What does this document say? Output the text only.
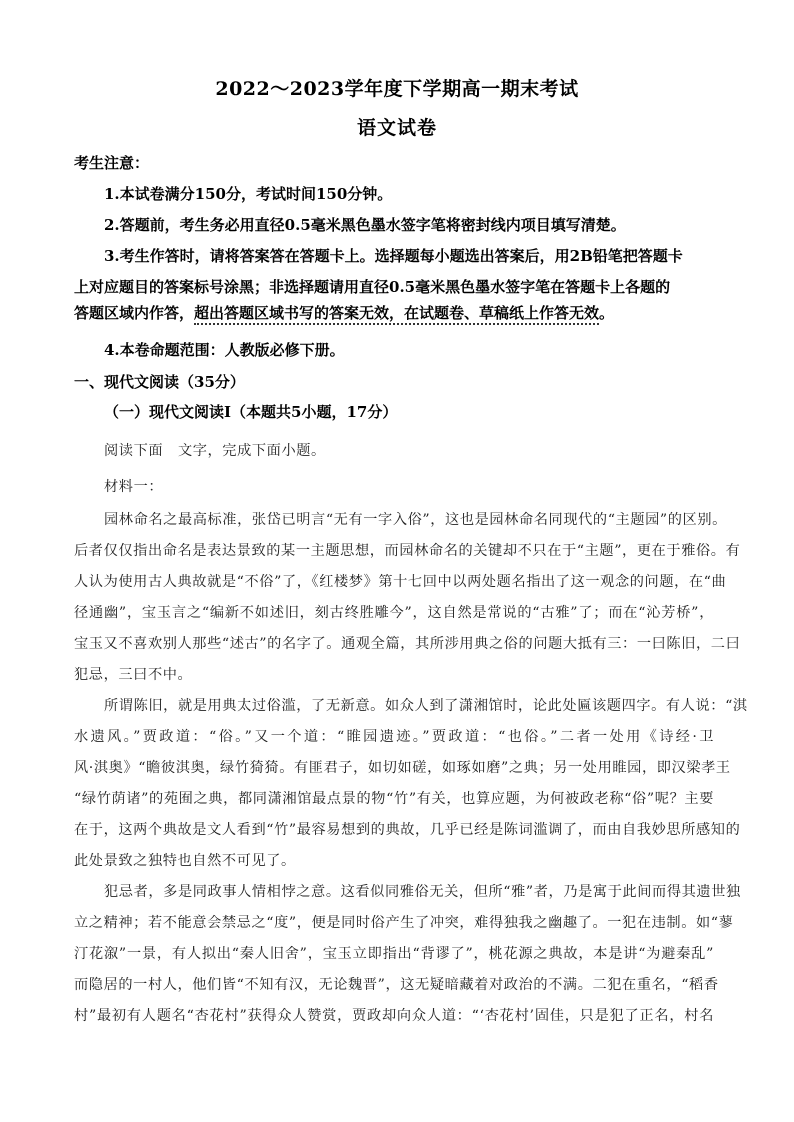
2022～2023学年度下学期高一期末考试
语文试卷
考生注意：
1.本试卷满分150分，考试时间150分钟。
2.答题前，考生务必用直径0.5毫米黑色墨水签字笔将密封线内项目填写清楚。
3.考生作答时，请将答案答在答题卡上。选择题每小题选出答案后，用2B铅笔把答题卡
上对应题目的答案标号涂黑；非选择题请用直径0.5毫米黑色墨水签字笔在答题卡上各题的
答题区域内作答，超出答题区域书写的答案无效，在试题卷、草稿纸上作答无效。
4.本卷命题范围：人教版必修下册。
一、现代文阅读（35分）
（一）现代文阅读Ⅰ（本题共5小题，17分）
阅读下面　文字，完成下面小题。
材料一：
园林命名之最高标准，张岱已明言“无有一字入俗”，这也是园林命名同现代的“主题园”的区别。
后者仅仅指出命名是表达景致的某一主题思想，而园林命名的关键却不只在于“主题”，更在于雅俗。有
人认为使用古人典故就是“不俗”了，《红楼梦》第十七回中以两处题名指出了这一观念的问题，在“曲
径通幽”，宝玉言之“编新不如述旧，刻古终胜雕今”，这自然是常说的“古雅”了；而在“沁芳桥”，
宝玉又不喜欢别人那些“述古”的名字了。通观全篇，其所涉用典之俗的问题大抵有三：一曰陈旧，二曰
犯忌，三曰不中。
所谓陈旧，就是用典太过俗滥，了无新意。如众人到了潇湘馆时，论此处匾该题四字。有人说：“淇
水遗风。”贾政道：“俗。”又一个道：“睢园遗迹。”贾政道：“也俗。”二者一处用《诗经·卫
风·淇奥》“瞻彼淇奥，绿竹猗猗。有匪君子，如切如磋，如琢如磨”之典；另一处用睢园，即汉梁孝王
“绿竹荫诸”的苑囿之典，都同潇湘馆最点景的物“竹”有关，也算应题，为何被政老称“俗”呢？主要
在于，这两个典故是文人看到“竹”最容易想到的典故，几乎已经是陈词滥调了，而由自我妙思所感知的
此处景致之独特也自然不可见了。
犯忌者，多是同政事人情相悖之意。这看似同雅俗无关，但所“雅”者，乃是寓于此间而得其遗世独
立之精神；若不能意会禁忌之“度”，便是同时俗产生了冲突，难得独我之幽趣了。一犯在违制。如“蓼
汀花溆”一景，有人拟出“秦人旧舍”，宝玉立即指出“背谬了”，桃花源之典故，本是讲“为避秦乱”
而隐居的一村人，他们皆“不知有汉，无论魏晋”，这无疑暗藏着对政治的不满。二犯在重名，“稻香
村”最初有人题名“杏花村”获得众人赞赏，贾政却向众人道：“‘杏花村’固佳，只是犯了正名，村名
